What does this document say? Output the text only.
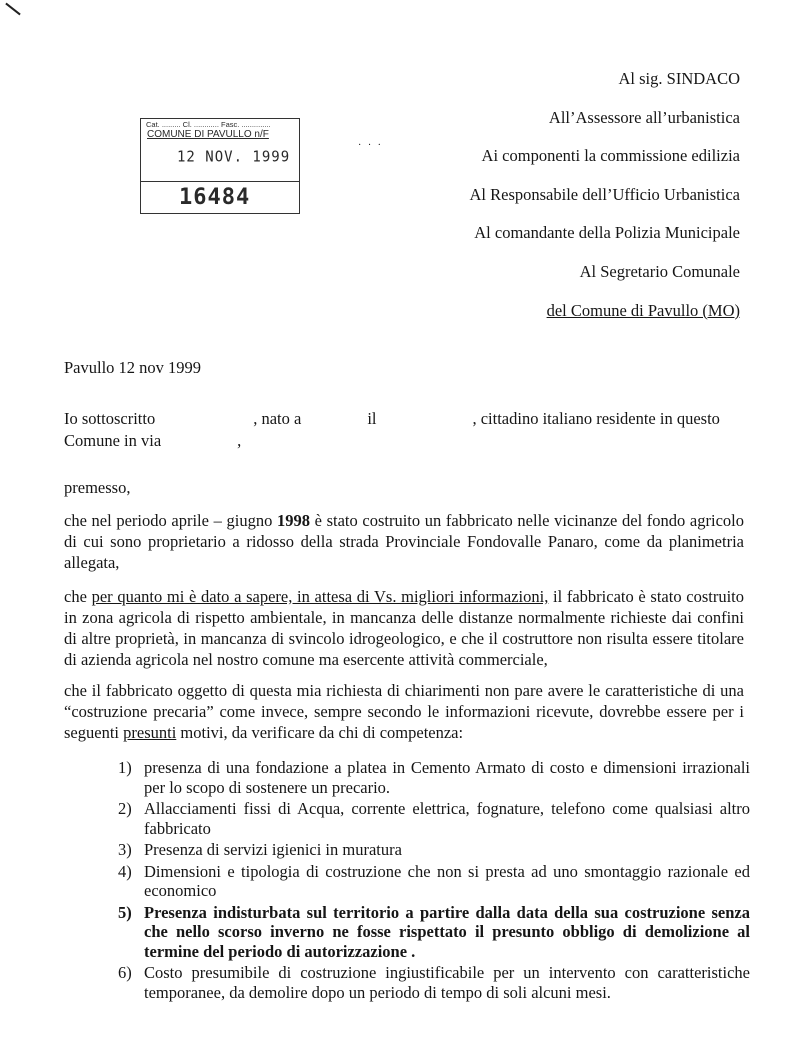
Al sig. SINDACO
All’Assessore all’urbanistica
Ai componenti la commissione edilizia
Al Responsabile dell’Ufficio Urbanistica
Al comandante della Polizia Municipale
Al Segretario Comunale
del Comune di Pavullo (MO)
Cat. ......... Cl. ............ Fasc. ..............
COMUNE DI PAVULLO n/F
12 NOV. 1999
16484
· · ·
Pavullo 12 nov 1999
Io sottoscritto	, nato a	il	, cittadino italiano residente in questo
Comune in via	,
premesso,
che nel periodo aprile – giugno 1998 è stato costruito un fabbricato nelle vicinanze del fondo agricolo di cui sono proprietario a ridosso della strada Provinciale Fondovalle Panaro, come da planimetria allegata,
che per quanto mi è dato a sapere, in attesa di Vs. migliori informazioni, il fabbricato è stato costruito in zona agricola di rispetto ambientale, in mancanza delle distanze normalmente richieste dai confini di altre proprietà, in mancanza di svincolo idrogeologico, e che il costruttore non risulta essere titolare di azienda agricola nel nostro comune ma esercente attività commerciale,
che il fabbricato oggetto di questa mia richiesta di chiarimenti non pare avere le caratteristiche di una “costruzione precaria” come invece, sempre secondo le informazioni ricevute, dovrebbe essere per i seguenti presunti motivi, da verificare da chi di competenza:
1) presenza di una fondazione a platea in Cemento Armato di costo e dimensioni irrazionali per lo scopo di sostenere un precario.
2) Allacciamenti fissi di Acqua, corrente elettrica, fognature, telefono come qualsiasi altro fabbricato
3) Presenza di servizi igienici in muratura
4) Dimensioni e tipologia di costruzione che non si presta ad uno smontaggio razionale ed economico
5) Presenza indisturbata sul territorio a partire dalla data della sua costruzione senza che nello scorso inverno ne fosse rispettato il presunto obbligo di demolizione al termine del periodo di autorizzazione .
6) Costo presumibile di costruzione ingiustificabile per un intervento con caratteristiche temporanee, da demolire dopo un periodo di tempo di soli alcuni mesi.
